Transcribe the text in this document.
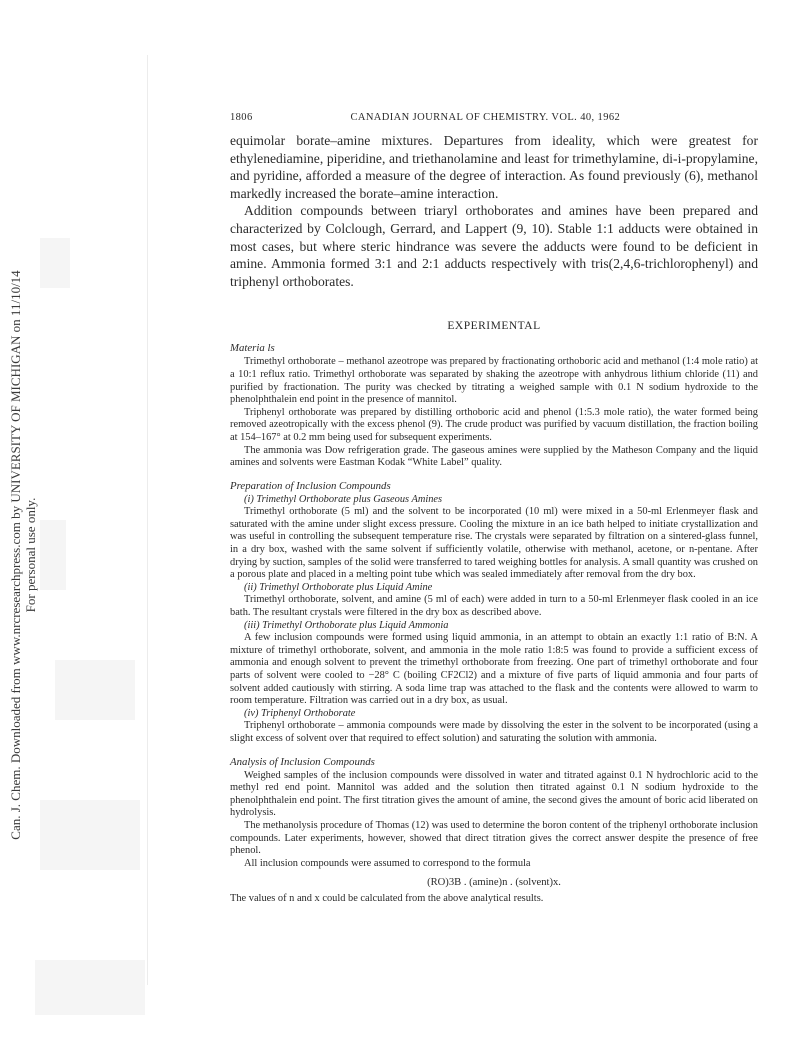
Can. J. Chem. Downloaded from www.nrcresearchpress.com by UNIVERSITY OF MICHIGAN on 11/10/14 For personal use only.
1806	CANADIAN JOURNAL OF CHEMISTRY. VOL. 40, 1962

equimolar borate–amine mixtures. Departures from ideality, which were greatest for ethylenediamine, piperidine, and triethanolamine and least for trimethylamine, di-i-propylamine, and pyridine, afforded a measure of the degree of interaction. As found previously (6), methanol markedly increased the borate–amine interaction.

Addition compounds between triaryl orthoborates and amines have been prepared and characterized by Colclough, Gerrard, and Lappert (9, 10). Stable 1:1 adducts were obtained in most cases, but where steric hindrance was severe the adducts were found to be deficient in amine. Ammonia formed 3:1 and 2:1 adducts respectively with tris(2,4,6-trichlorophenyl) and triphenyl orthoborates.

EXPERIMENTAL
Materia ls

Trimethyl orthoborate – methanol azeotrope was prepared by fractionating orthoboric acid and methanol (1:4 mole ratio) at a 10:1 reflux ratio. Trimethyl orthoborate was separated by shaking the azeotrope with anhydrous lithium chloride (11) and purified by fractionation. The purity was checked by titrating a weighed sample with 0.1 N sodium hydroxide to the phenolphthalein end point in the presence of mannitol.

Triphenyl orthoborate was prepared by distilling orthoboric acid and phenol (1:5.3 mole ratio), the water formed being removed azeotropically with the excess phenol (9). The crude product was purified by vacuum distillation, the fraction boiling at 154–167° at 0.2 mm being used for subsequent experiments.

The ammonia was Dow refrigeration grade. The gaseous amines were supplied by the Matheson Company and the liquid amines and solvents were Eastman Kodak “White Label” quality.

Preparation of Inclusion Compounds
(i) Trimethyl Orthoborate plus Gaseous Amines

Trimethyl orthoborate (5 ml) and the solvent to be incorporated (10 ml) were mixed in a 50-ml Erlenmeyer flask and saturated with the amine under slight excess pressure. Cooling the mixture in an ice bath helped to initiate crystallization and was useful in controlling the subsequent temperature rise. The crystals were separated by filtration on a sintered-glass funnel, in a dry box, washed with the same solvent if sufficiently volatile, otherwise with methanol, acetone, or n-pentane. After drying by suction, samples of the solid were transferred to tared weighing bottles for analysis. A small quantity was crushed on a porous plate and placed in a melting point tube which was sealed immediately after removal from the dry box.

(ii) Trimethyl Orthoborate plus Liquid Amine

Trimethyl orthoborate, solvent, and amine (5 ml of each) were added in turn to a 50-ml Erlenmeyer flask cooled in an ice bath. The resultant crystals were filtered in the dry box as described above.

(iii) Trimethyl Orthoborate plus Liquid Ammonia

A few inclusion compounds were formed using liquid ammonia, in an attempt to obtain an exactly 1:1 ratio of B:N. A mixture of trimethyl orthoborate, solvent, and ammonia in the mole ratio 1:8:5 was found to provide a sufficient excess of ammonia and enough solvent to prevent the trimethyl orthoborate from freezing. One part of trimethyl orthoborate and four parts of solvent were cooled to −28° C (boiling CF2Cl2) and a mixture of five parts of liquid ammonia and four parts of solvent added cautiously with stirring. A soda lime trap was attached to the flask and the contents were allowed to warm to room temperature. Filtration was carried out in a dry box, as usual.

(iv) Triphenyl Orthoborate

Triphenyl orthoborate – ammonia compounds were made by dissolving the ester in the solvent to be incorporated (using a slight excess of solvent over that required to effect solution) and saturating the solution with ammonia.

Analysis of Inclusion Compounds

Weighed samples of the inclusion compounds were dissolved in water and titrated against 0.1 N hydrochloric acid to the methyl red end point. Mannitol was added and the solution then titrated against 0.1 N sodium hydroxide to the phenolphthalein end point. The first titration gives the amount of amine, the second gives the amount of boric acid liberated on hydrolysis.

The methanolysis procedure of Thomas (12) was used to determine the boron content of the triphenyl orthoborate inclusion compounds. Later experiments, however, showed that direct titration gives the correct answer despite the presence of free phenol.

All inclusion compounds were assumed to correspond to the formula

(RO)3B . (amine)n . (solvent)x.

The values of n and x could be calculated from the above analytical results.
